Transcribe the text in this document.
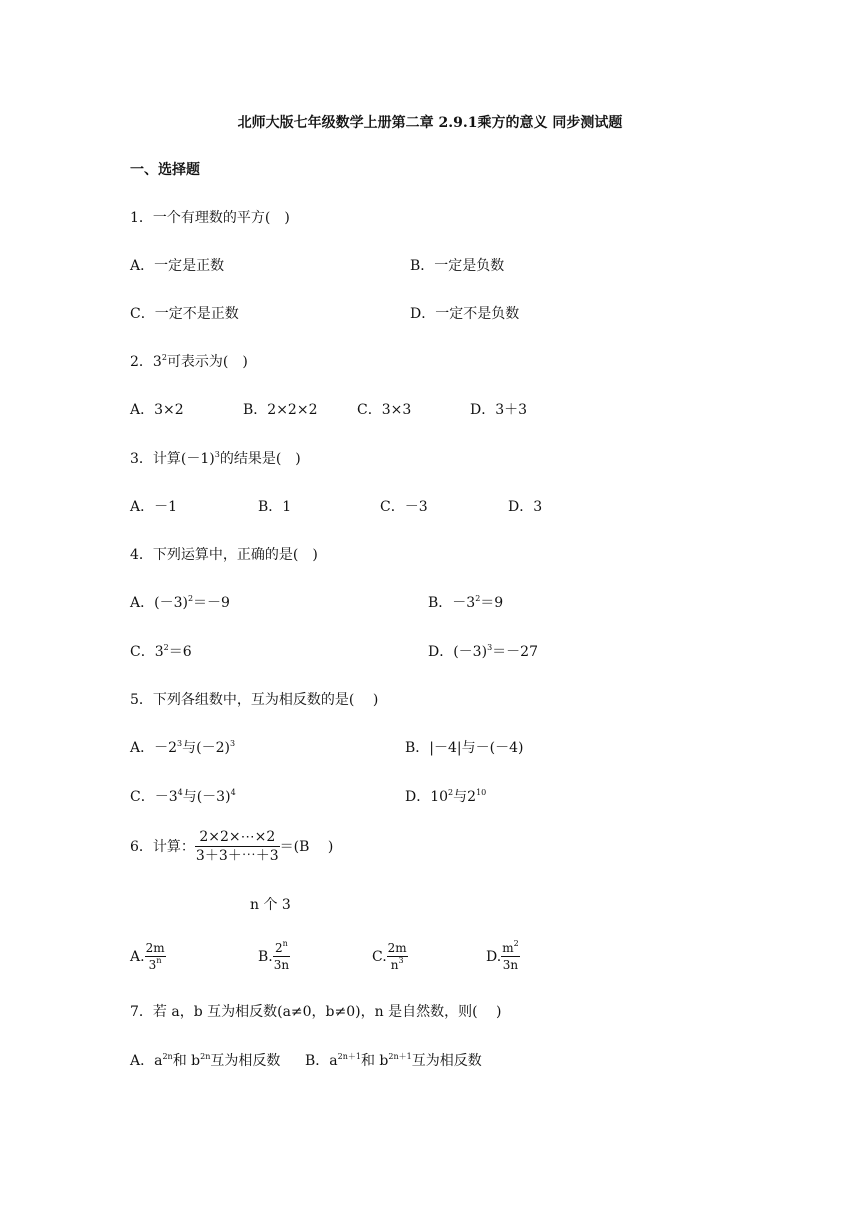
北师大版七年级数学上册第二章 2.9.1乘方的意义 同步测试题
一、选择题
1．一个有理数的平方(　)
A．一定是正数	B．一定是负数
C．一定不是正数	D．一定不是负数
2．$3^2$可表示为(　)
A．3×2	B．2×2×2	C．3×3	D．3＋3
3．计算$(-1)^3$的结果是(　)
A．－1	B．1	C．－3	D．3
4．下列运算中，正确的是(　)
A．$(-3)^2=-9$	B．$-3^2=9$
C．$3^2=6$	D．$(-3)^3=-27$
5．下列各组数中，互为相反数的是(　 )
A．$-2^3$与$(-2)^3$	B．|－4|与－(－4)
C．$-3^4$与$(-3)^4$	D．$10^2$与$2^{10}$
6．计算： $\frac{2\times 2\times\cdots\times 2}{3+3+\cdots+3} =(B$　 )
n 个 3
A. $\frac{2m}{3^n}$	B. $\frac{2^n}{3n}$	C. $\frac{2m}{n^3}$	D. $\frac{m^2}{3n}$
7．若 a，b 互为相反数(a≠0，b≠0)，n 是自然数，则(　 )
A．$a^{2n}$和 $b^{2n}$互为相反数 B．$a^{2n+1}$和 $b^{2n+1}$互为相反数
